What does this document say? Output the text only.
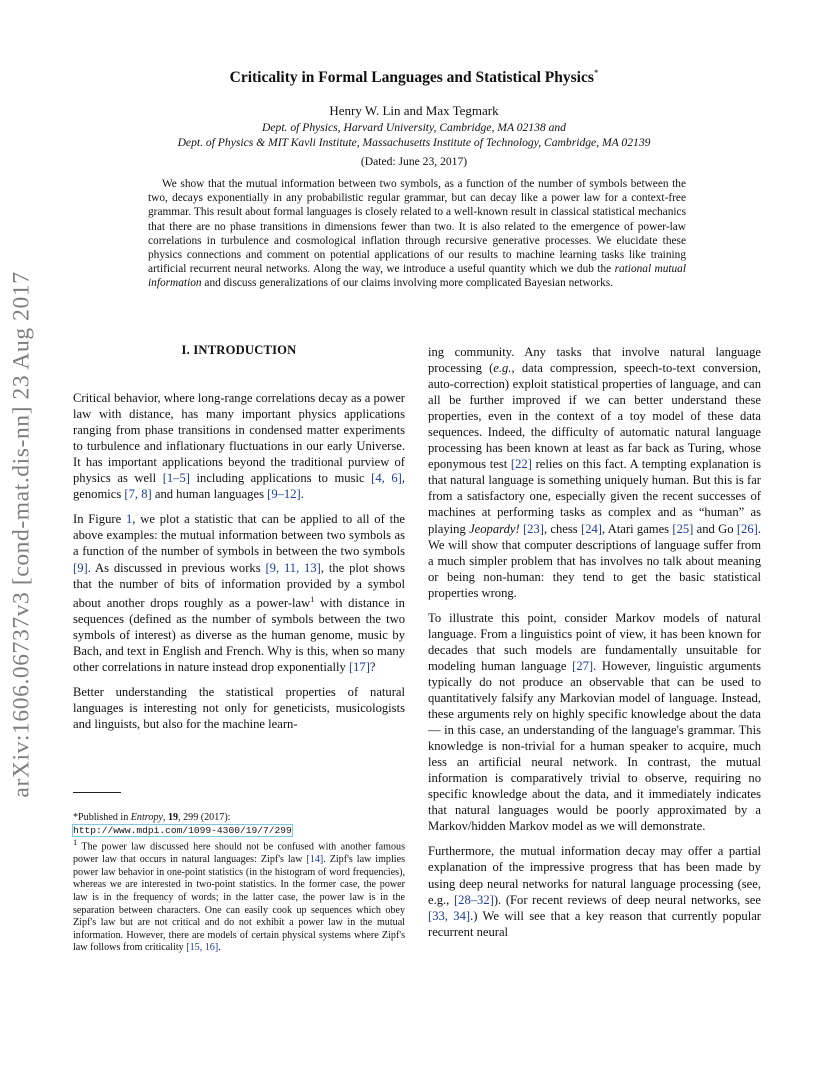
arXiv:1606.06737v3 [cond-mat.dis-nn] 23 Aug 2017
Criticality in Formal Languages and Statistical Physics*
Henry W. Lin and Max Tegmark
Dept. of Physics, Harvard University, Cambridge, MA 02138 and
Dept. of Physics & MIT Kavli Institute, Massachusetts Institute of Technology, Cambridge, MA 02139
(Dated: June 23, 2017)
We show that the mutual information between two symbols, as a function of the number of symbols between the two, decays exponentially in any probabilistic regular grammar, but can decay like a power law for a context-free grammar. This result about formal languages is closely related to a well-known result in classical statistical mechanics that there are no phase transitions in dimensions fewer than two. It is also related to the emergence of power-law correlations in turbulence and cosmological inflation through recursive generative processes. We elucidate these physics connections and comment on potential applications of our results to machine learning tasks like training artificial recurrent neural networks. Along the way, we introduce a useful quantity which we dub the rational mutual information and discuss generalizations of our claims involving more complicated Bayesian networks.
I. INTRODUCTION

Critical behavior, where long-range correlations decay as a power law with distance, has many important physics applications ranging from phase transitions in condensed matter experiments to turbulence and inflationary fluctuations in our early Universe. It has important applications beyond the traditional purview of physics as well [1–5] including applications to music [4, 6], genomics [7, 8] and human languages [9–12].

In Figure 1, we plot a statistic that can be applied to all of the above examples: the mutual information between two symbols as a function of the number of symbols in between the two symbols [9]. As discussed in previous works [9, 11, 13], the plot shows that the number of bits of information provided by a symbol about another drops roughly as a power-law$^1$ with distance in sequences (defined as the number of symbols between the two symbols of interest) as diverse as the human genome, music by Bach, and text in English and French. Why is this, when so many other correlations in nature instead drop exponentially [17]?

Better understanding the statistical properties of natural languages is interesting not only for geneticists, musicologists and linguists, but also for the machine learn-

*Published in Entropy, 19, 299 (2017):

http://www.mdpi.com/1099-4300/19/7/299

$^1$ The power law discussed here should not be confused with another famous power law that occurs in natural languages: Zipf's law [14]. Zipf's law implies power law behavior in one-point statistics (in the histogram of word frequencies), whereas we are interested in two-point statistics. In the former case, the power law is in the frequency of words; in the latter case, the power law is in the separation between characters. One can easily cook up sequences which obey Zipf's law but are not critical and do not exhibit a power law in the mutual information. However, there are models of certain physical systems where Zipf's law follows from criticality [15, 16].

ing community. Any tasks that involve natural language processing (e.g., data compression, speech-to-text conversion, auto-correction) exploit statistical properties of language, and can all be further improved if we can better understand these properties, even in the context of a toy model of these data sequences. Indeed, the difficulty of automatic natural language processing has been known at least as far back as Turing, whose eponymous test [22] relies on this fact. A tempting explanation is that natural language is something uniquely human. But this is far from a satisfactory one, especially given the recent successes of machines at performing tasks as complex and as “human” as playing Jeopardy! [23], chess [24], Atari games [25] and Go [26]. We will show that computer descriptions of language suffer from a much simpler problem that has involves no talk about meaning or being non-human: they tend to get the basic statistical properties wrong.

To illustrate this point, consider Markov models of natural language. From a linguistics point of view, it has been known for decades that such models are fundamentally unsuitable for modeling human language [27]. However, linguistic arguments typically do not produce an observable that can be used to quantitatively falsify any Markovian model of language. Instead, these arguments rely on highly specific knowledge about the data — in this case, an understanding of the language's grammar. This knowledge is non-trivial for a human speaker to acquire, much less an artificial neural network. In contrast, the mutual information is comparatively trivial to observe, requiring no specific knowledge about the data, and it immediately indicates that natural languages would be poorly approximated by a Markov/hidden Markov model as we will demonstrate.

Furthermore, the mutual information decay may offer a partial explanation of the impressive progress that has been made by using deep neural networks for natural language processing (see, e.g., [28–32]). (For recent reviews of deep neural networks, see [33, 34].) We will see that a key reason that currently popular recurrent neural
